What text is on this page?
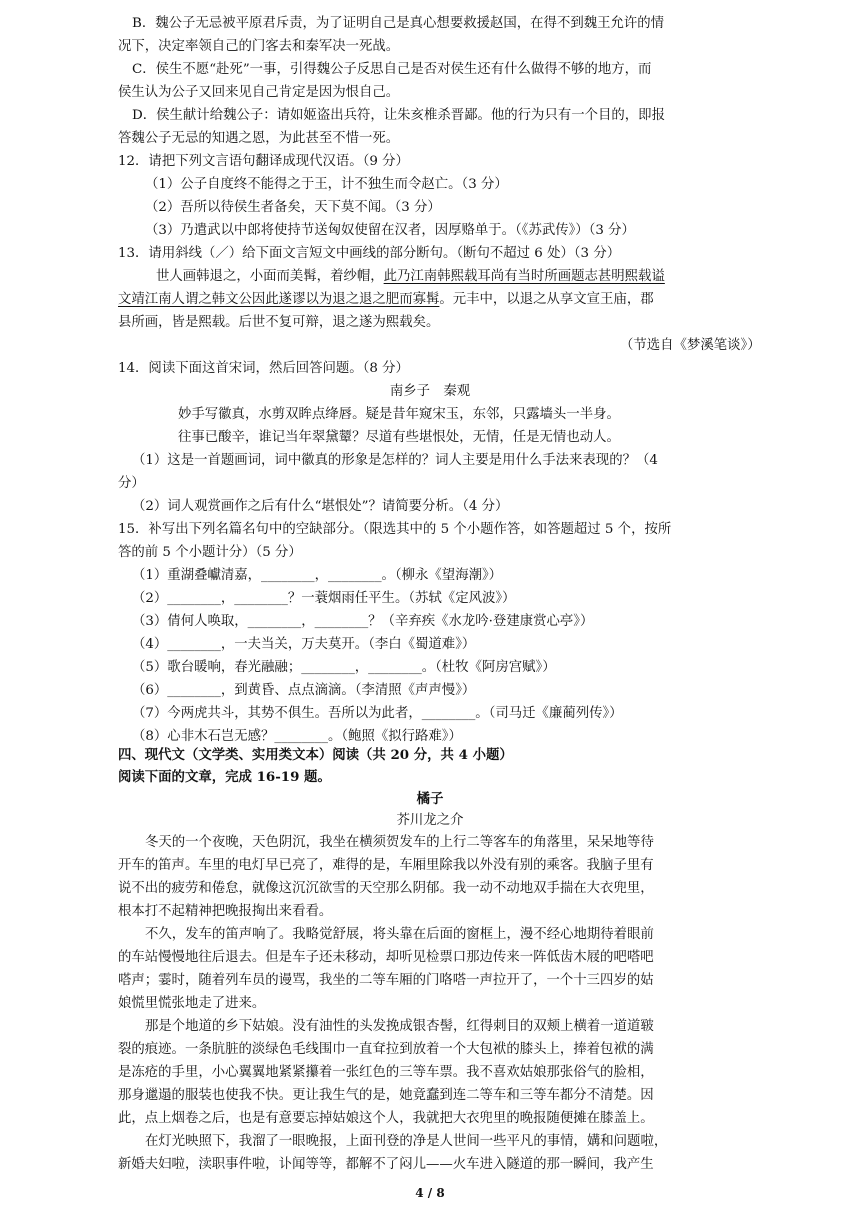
B．魏公子无忌被平原君斥责，为了证明自己是真心想要救援赵国，在得不到魏王允许的情
况下，决定率领自己的门客去和秦军决一死战。
C．侯生不愿“赴死”一事，引得魏公子反思自己是否对侯生还有什么做得不够的地方，而
侯生认为公子又回来见自己肯定是因为恨自己。
D．侯生献计给魏公子：请如姬盗出兵符，让朱亥椎杀晋鄙。他的行为只有一个目的，即报
答魏公子无忌的知遇之恩，为此甚至不惜一死。
12．请把下列文言语句翻译成现代汉语。（9 分）
（1）公子自度终不能得之于王，计不独生而令赵亡。（3 分）
（2）吾所以待侯生者备矣，天下莫不闻。（3 分）
（3）乃遣武以中郎将使持节送匈奴使留在汉者，因厚赂单于。（《苏武传》）（3 分）
13．请用斜线（／）给下面文言短文中画线的部分断句。（断句不超过 6 处）（3 分）
世人画韩退之，小面而美髯，着纱帽，此乃江南韩熙载耳尚有当时所画题志甚明熙载谥
文靖江南人谓之韩文公因此遂谬以为退之退之肥而寡髯。元丰中，以退之从享文宣王庙，郡
县所画，皆是熙载。后世不复可辩，退之遂为熙载矣。
（节选自《梦溪笔谈》）
14．阅读下面这首宋词，然后回答问题。（8 分）
南乡子　秦观
妙手写徽真，水剪双眸点绛唇。疑是昔年窥宋玉，东邻，只露墙头一半身。
往事已酸辛，谁记当年翠黛颦？尽道有些堪恨处，无情，任是无情也动人。
（1）这是一首题画词，词中徽真的形象是怎样的？词人主要是用什么手法来表现的？（4
分）
（2）词人观赏画作之后有什么“堪恨处”？请简要分析。（4 分）
15．补写出下列名篇名句中的空缺部分。（限选其中的 5 个小题作答，如答题超过 5 个，按所
答的前 5 个小题计分）（5 分）
（1）重湖叠巘清嘉，________，________。（柳永《望海潮》）
（2）________，________？一蓑烟雨任平生。（苏轼《定风波》）
（3）倩何人唤取，________，________？（辛弃疾《水龙吟·登建康赏心亭》）
（4）________，一夫当关，万夫莫开。（李白《蜀道难》）
（5）歌台暖响，春光融融；________，________。（杜牧《阿房宫赋》）
（6）________，到黄昏、点点滴滴。（李清照《声声慢》）
（7）今两虎共斗，其势不俱生。吾所以为此者，________。（司马迁《廉蔺列传》）
（8）心非木石岂无感？________。（鲍照《拟行路难》）
四、现代文（文学类、实用类文本）阅读（共 20 分，共 4 小题）
阅读下面的文章，完成 16-19 题。
橘子
芥川龙之介
冬天的一个夜晚，天色阴沉，我坐在横须贺发车的上行二等客车的角落里，呆呆地等待
开车的笛声。车里的电灯早已亮了，难得的是，车厢里除我以外没有别的乘客。我脑子里有
说不出的疲劳和倦怠，就像这沉沉欲雪的天空那么阴郁。我一动不动地双手揣在大衣兜里，
根本打不起精神把晚报掏出来看看。
不久，发车的笛声响了。我略觉舒展，将头靠在后面的窗框上，漫不经心地期待着眼前
的车站慢慢地往后退去。但是车子还未移动，却听见检票口那边传来一阵低齿木屐的吧嗒吧
嗒声；霎时，随着列车员的谩骂，我坐的二等车厢的门咯嗒一声拉开了，一个十三四岁的姑
娘慌里慌张地走了进来。
那是个地道的乡下姑娘。没有油性的头发挽成银杏髻，红得刺目的双颊上横着一道道皲
裂的痕迹。一条肮脏的淡绿色毛线围巾一直耷拉到放着一个大包袱的膝头上，捧着包袱的满
是冻疮的手里，小心翼翼地紧紧攥着一张红色的三等车票。我不喜欢姑娘那张俗气的脸相，
那身邋遢的服装也使我不快。更让我生气的是，她竟蠢到连二等车和三等车都分不清楚。因
此，点上烟卷之后，也是有意要忘掉姑娘这个人，我就把大衣兜里的晚报随便摊在膝盖上。
在灯光映照下，我溜了一眼晚报，上面刊登的净是人世间一些平凡的事情，媾和问题啦，
新婚夫妇啦，渎职事件啦，讣闻等等，都解不了闷儿——火车进入隧道的那一瞬间，我产生
4 / 8
